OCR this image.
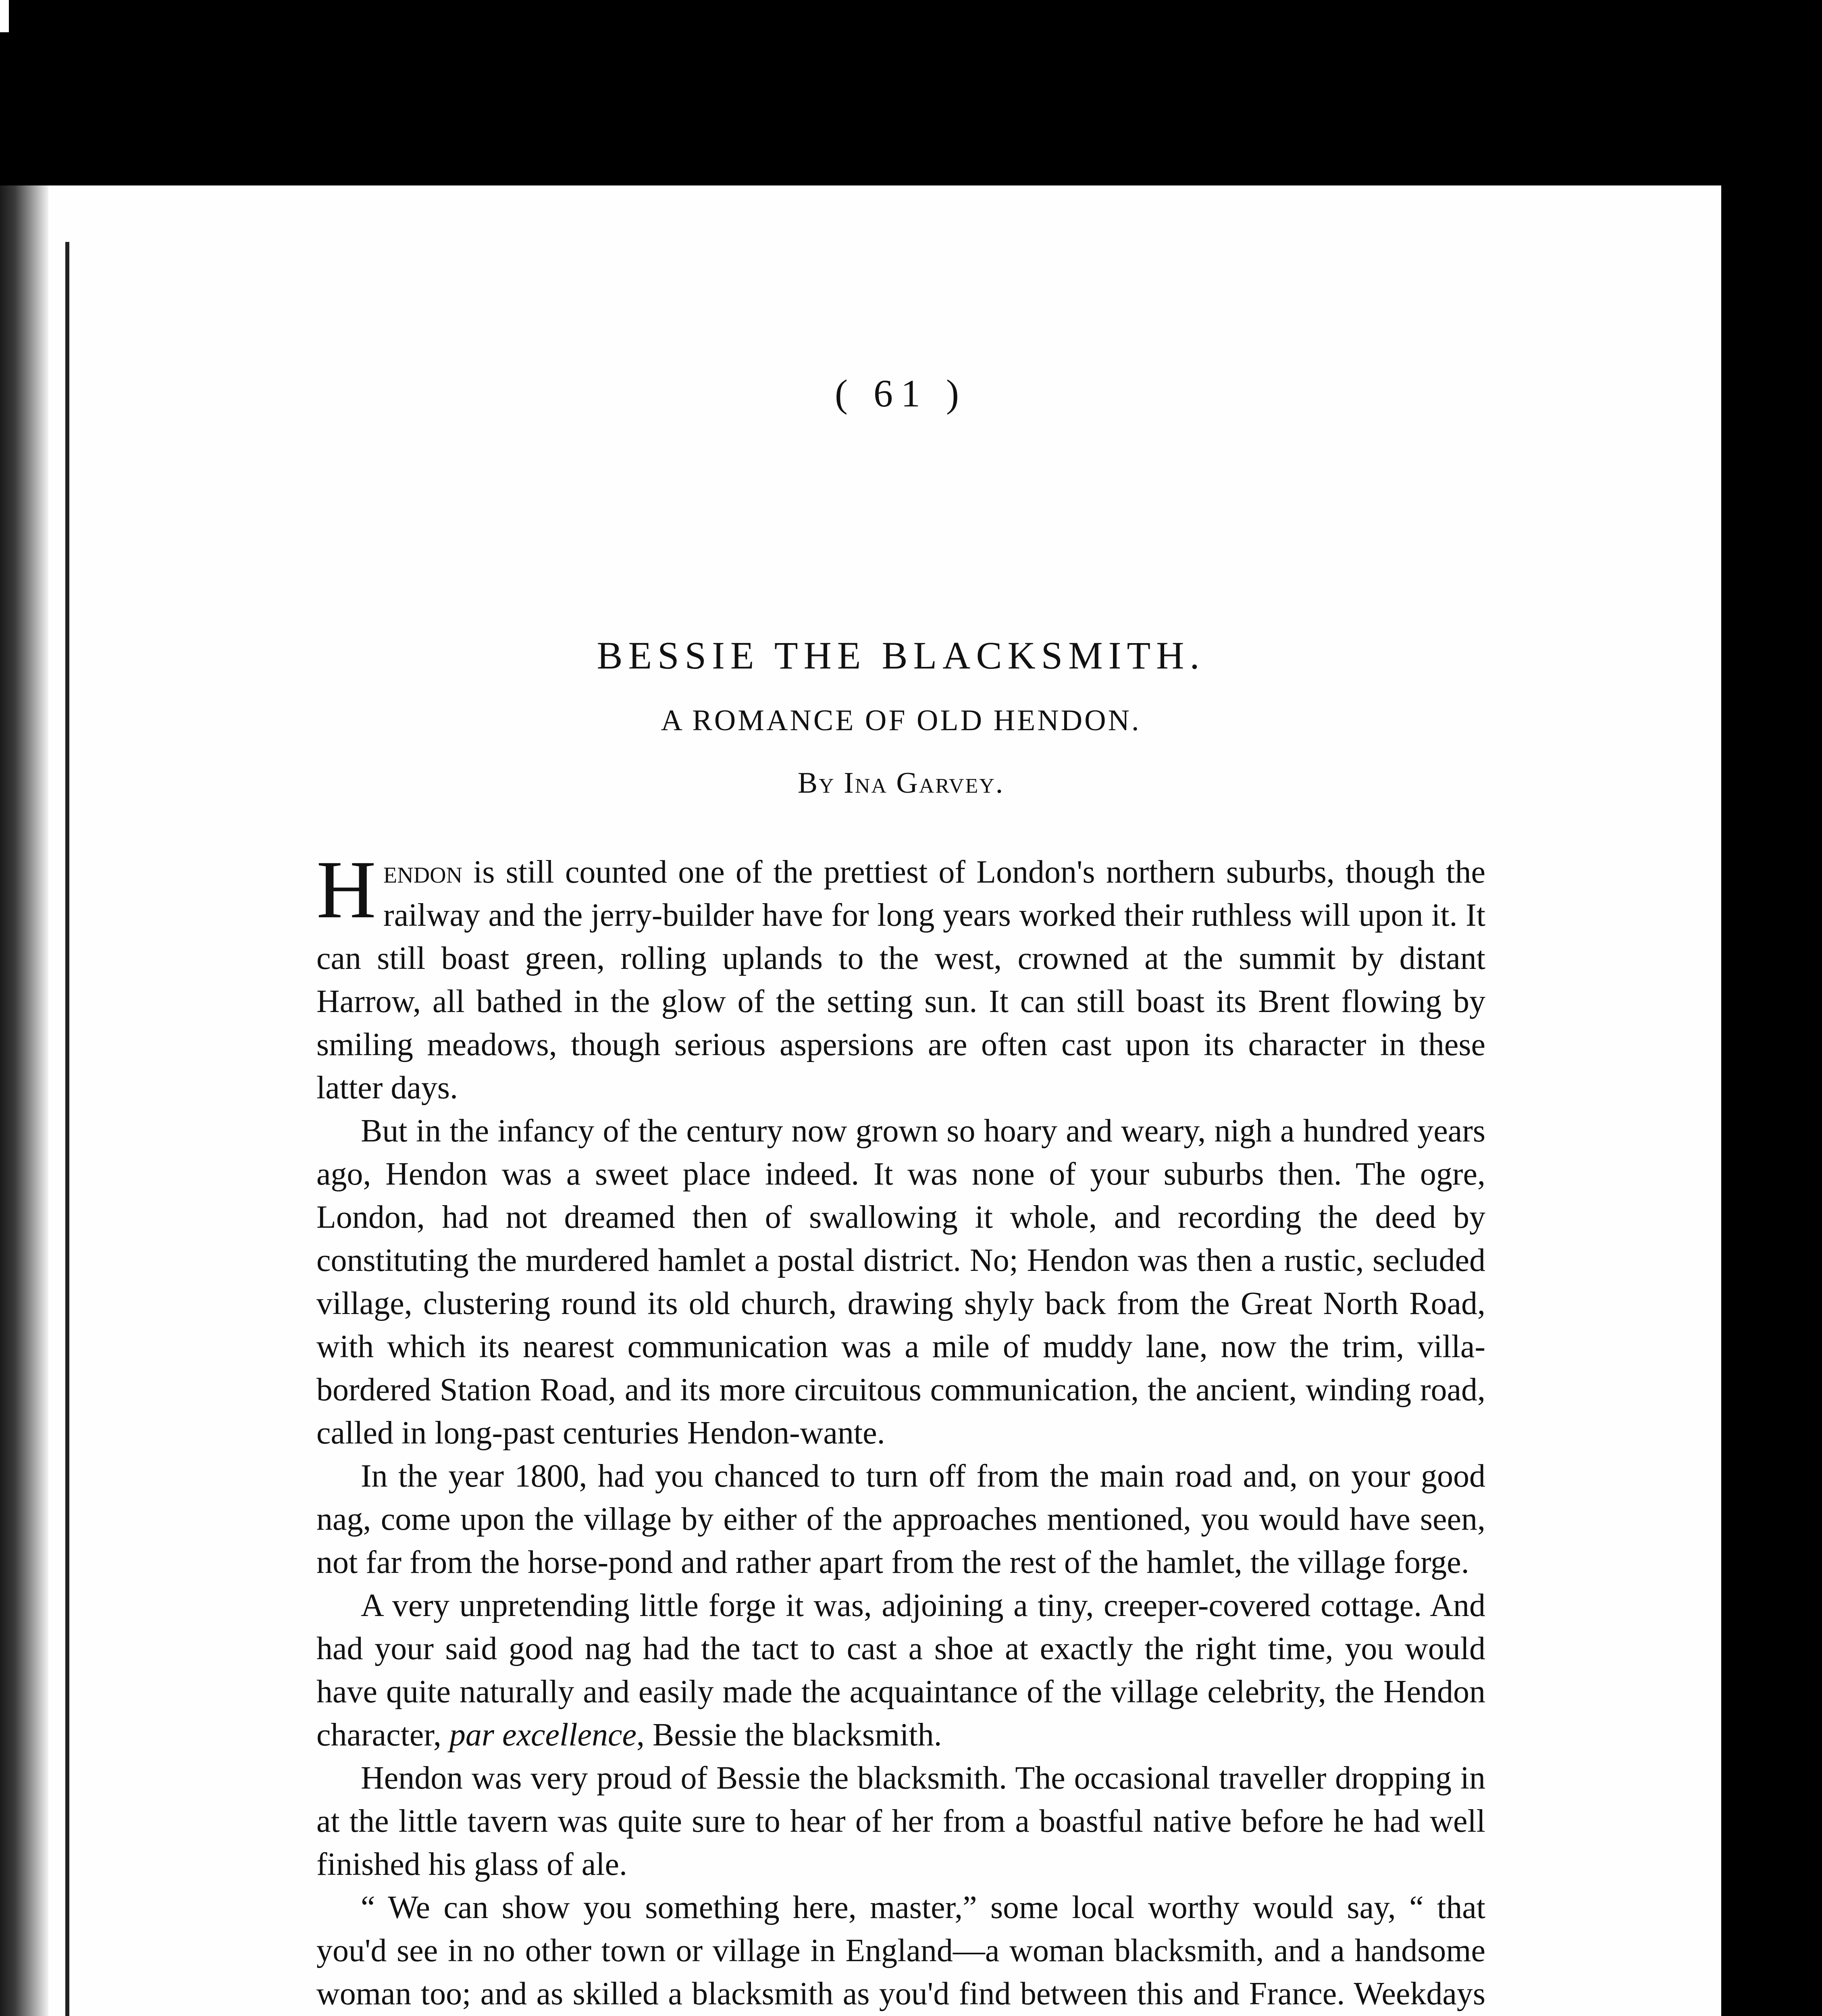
( 61 )
BESSIE THE BLACKSMITH.
A ROMANCE OF OLD HENDON.
By Ina Garvey.

Hendon is still counted one of the prettiest of London's northern suburbs, though the railway and the jerry-builder have for long years worked their ruthless will upon it. It can still boast green, rolling uplands to the west, crowned at the summit by distant Harrow, all bathed in the glow of the setting sun. It can still boast its Brent flowing by smiling meadows, though serious aspersions are often cast upon its character in these latter days.

But in the infancy of the century now grown so hoary and weary, nigh a hundred years ago, Hendon was a sweet place indeed. It was none of your suburbs then. The ogre, London, had not dreamed then of swallowing it whole, and recording the deed by constituting the murdered hamlet a postal district. No; Hendon was then a rustic, secluded village, clustering round its old church, drawing shyly back from the Great North Road, with which its nearest communication was a mile of muddy lane, now the trim, villa-bordered Station Road, and its more circuitous communication, the ancient, winding road, called in long-past centuries Hendon-wante.

In the year 1800, had you chanced to turn off from the main road and, on your good nag, come upon the village by either of the approaches mentioned, you would have seen, not far from the horse-pond and rather apart from the rest of the hamlet, the village forge.

A very unpretending little forge it was, adjoining a tiny, creeper-covered cottage. And had your said good nag had the tact to cast a shoe at exactly the right time, you would have quite naturally and easily made the acquaintance of the village celebrity, the Hendon character, par excellence, Bessie the blacksmith.

Hendon was very proud of Bessie the blacksmith. The occasional traveller dropping in at the little tavern was quite sure to hear of her from a boastful native before he had well finished his glass of ale.

“ We can show you something here, master,” some local worthy would say, “ that you'd see in no other town or village in England—a woman blacksmith, and a handsome woman too; and as skilled a blacksmith as you'd find between this and France. Weekdays
